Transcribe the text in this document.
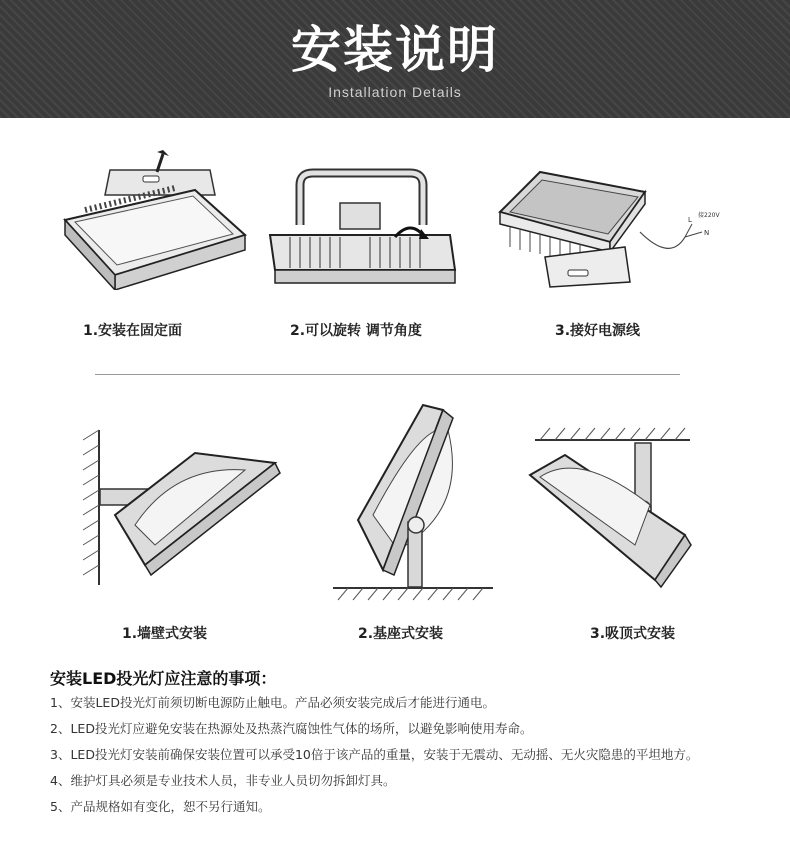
安装说明
Installation Details
L
N
接220V
1.安装在固定面	2.可以旋转 调节角度	3.接好电源线
1.墙壁式安装	2.基座式安装	3.吸顶式安装
安装LED投光灯应注意的事项：
1、安装LED投光灯前须切断电源防止触电。产品必须安装完成后才能进行通电。
2、LED投光灯应避免安装在热源处及热蒸汽腐蚀性气体的场所，以避免影响使用寿命。
3、LED投光灯安装前确保安装位置可以承受10倍于该产品的重量，安装于无震动、无动摇、无火灾隐患的平坦地方。
4、维护灯具必须是专业技术人员，非专业人员切勿拆卸灯具。
5、产品规格如有变化，恕不另行通知。
